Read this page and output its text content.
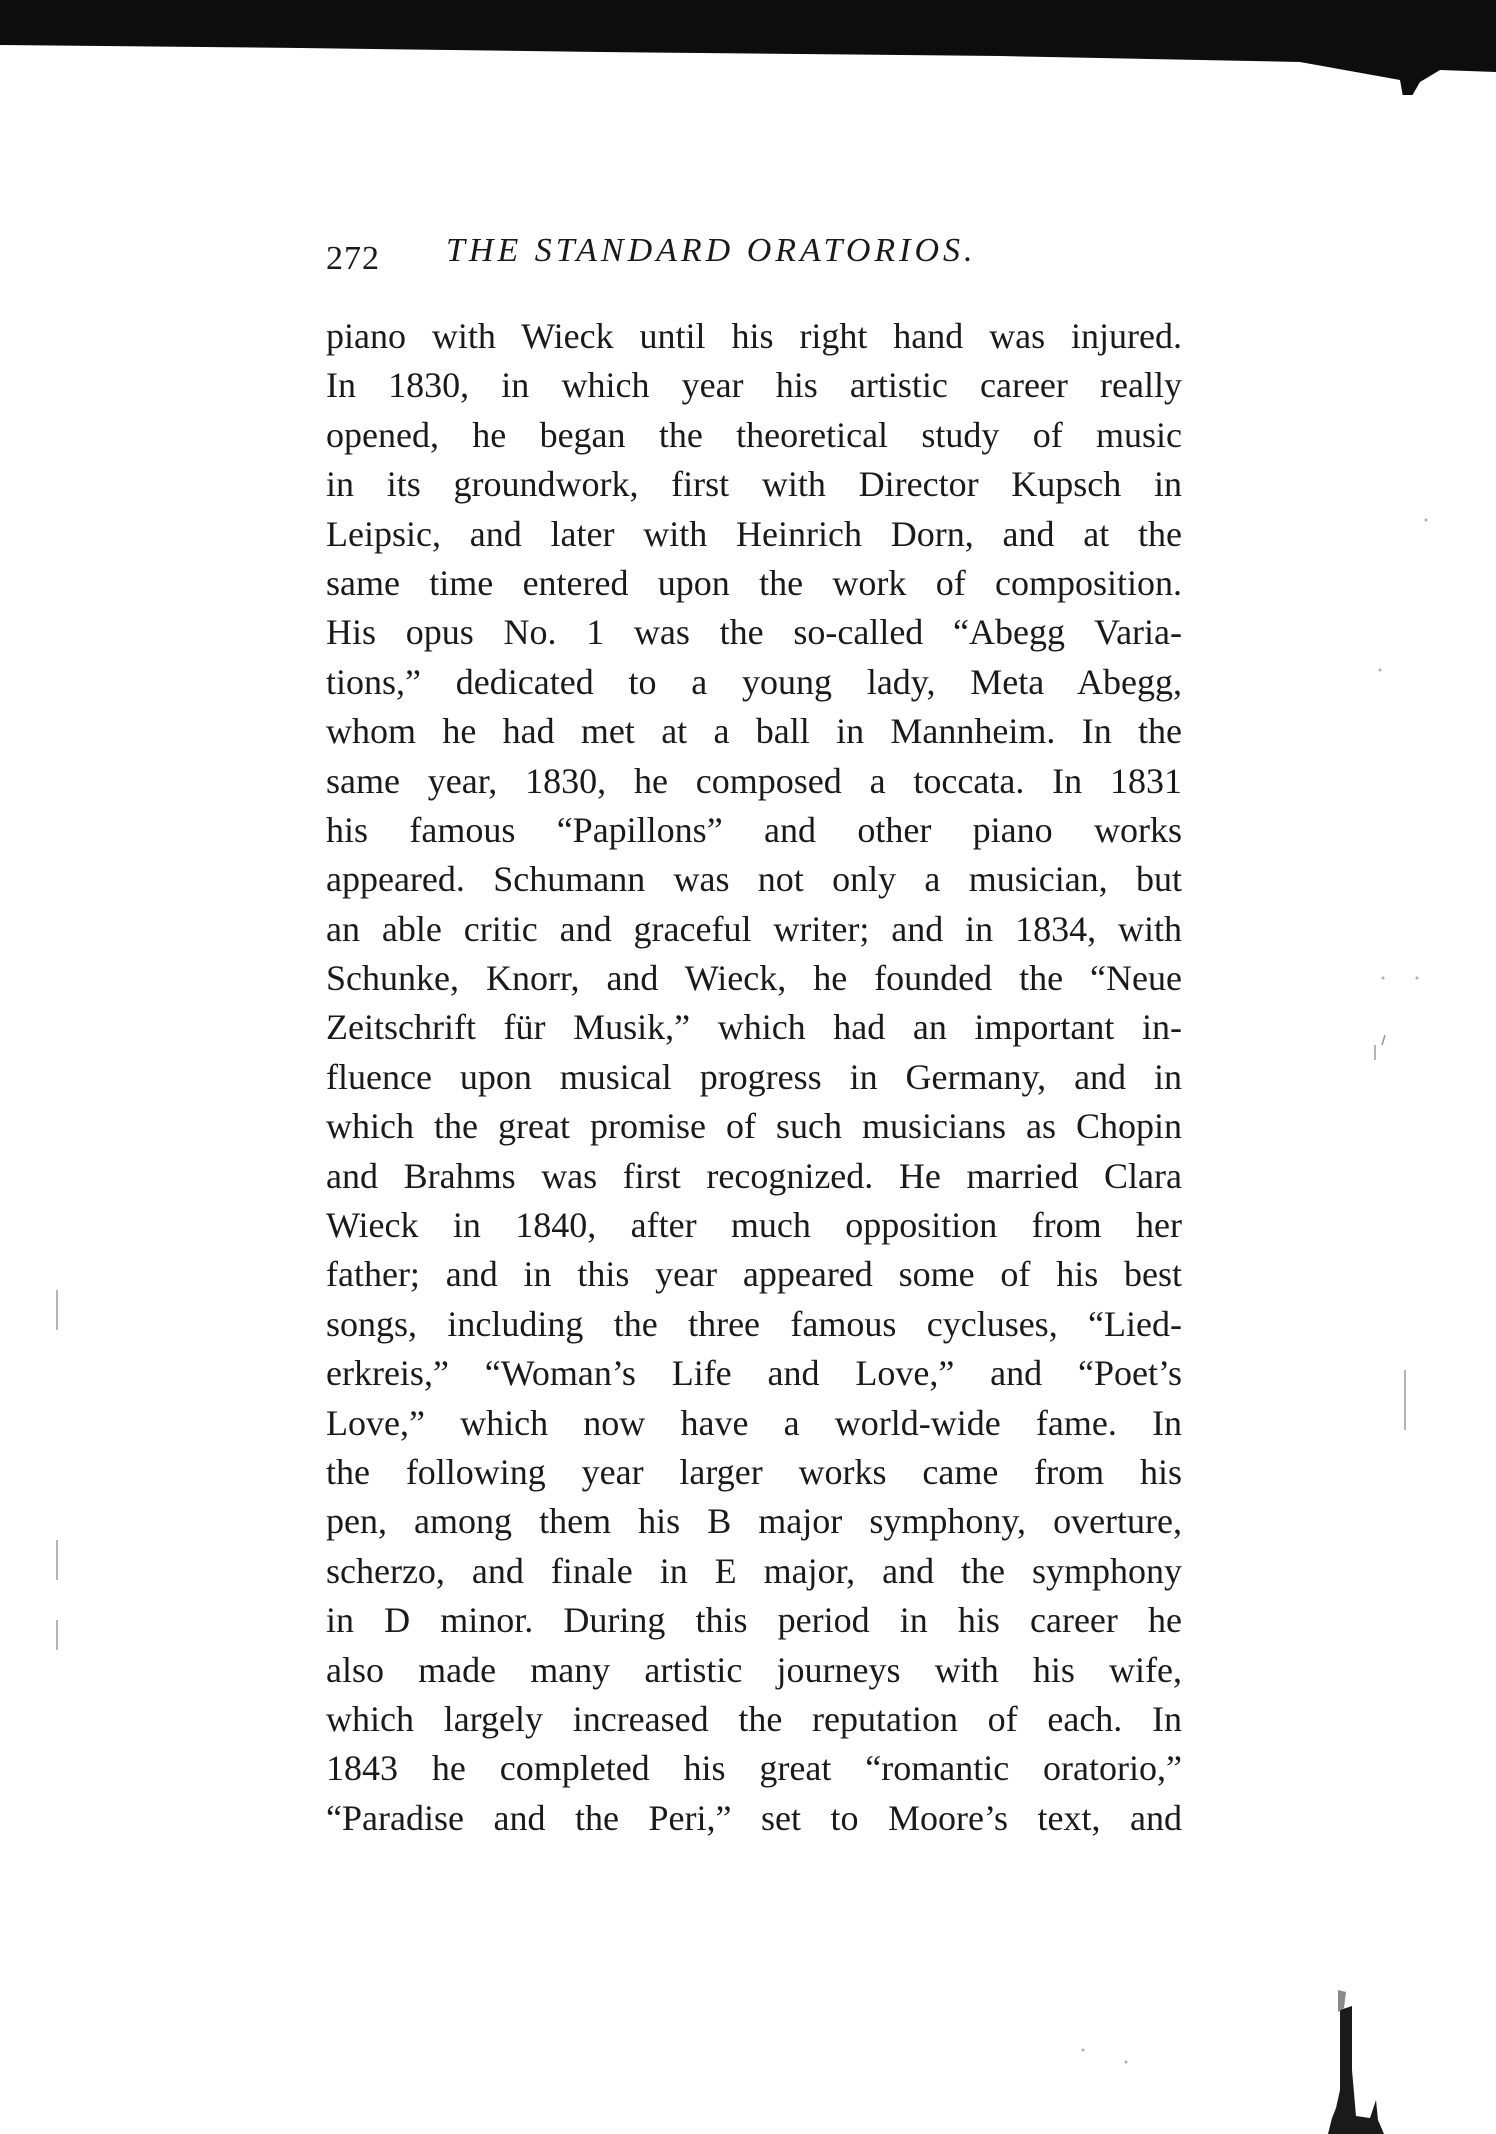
272 THE STANDARD ORATORIOS.
piano with Wieck until his right hand was injured.
In 1830, in which year his artistic career really
opened, he began the theoretical study of music
in its groundwork, first with Director Kupsch in
Leipsic, and later with Heinrich Dorn, and at the
same time entered upon the work of composition.
His opus No. 1 was the so-called “Abegg Varia-
tions,” dedicated to a young lady, Meta Abegg,
whom he had met at a ball in Mannheim. In the
same year, 1830, he composed a toccata. In 1831
his famous “Papillons” and other piano works
appeared. Schumann was not only a musician, but
an able critic and graceful writer; and in 1834, with
Schunke, Knorr, and Wieck, he founded the “Neue
Zeitschrift für Musik,” which had an important in-
fluence upon musical progress in Germany, and in
which the great promise of such musicians as Chopin
and Brahms was first recognized. He married Clara
Wieck in 1840, after much opposition from her
father; and in this year appeared some of his best
songs, including the three famous cycluses, “Lied-
erkreis,” “Woman’s Life and Love,” and “Poet’s
Love,” which now have a world-wide fame. In
the following year larger works came from his
pen, among them his B major symphony, overture,
scherzo, and finale in E major, and the symphony
in D minor. During this period in his career he
also made many artistic journeys with his wife,
which largely increased the reputation of each. In
1843 he completed his great “romantic oratorio,”
“Paradise and the Peri,” set to Moore’s text, and
